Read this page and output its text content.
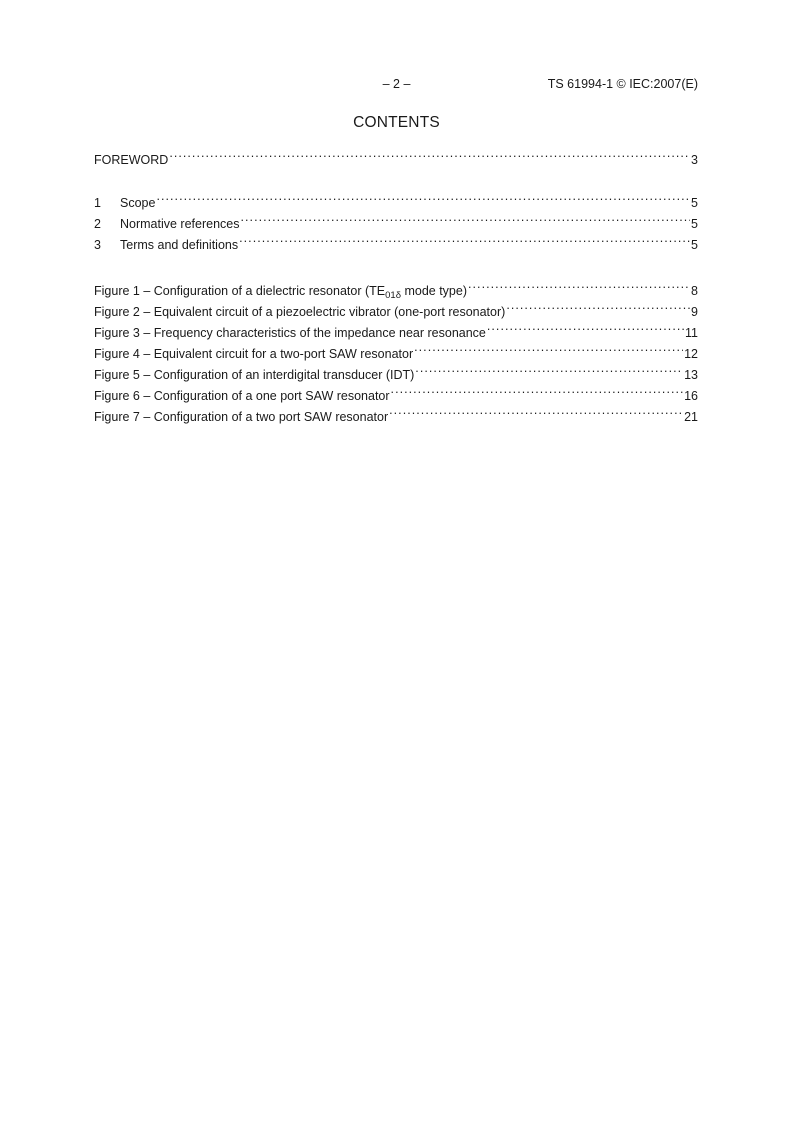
– 2 –	TS 61994-1 © IEC:2007(E)
CONTENTS
FOREWORD .....	3
1	Scope .....	5
2	Normative references .....	5
3	Terms and definitions .....	5
Figure 1 – Configuration of a dielectric resonator ($TE_{01\delta}$ mode type) .....	8
Figure 2 – Equivalent circuit of a piezoelectric vibrator (one-port resonator) .....	9
Figure 3 – Frequency characteristics of the impedance near resonance .....	11
Figure 4 – Equivalent circuit for a two-port SAW resonator .....	12
Figure 5 – Configuration of an interdigital transducer (IDT) .....	13
Figure 6 – Configuration of a one port SAW resonator .....	16
Figure 7 – Configuration of a two port SAW resonator .....	21
